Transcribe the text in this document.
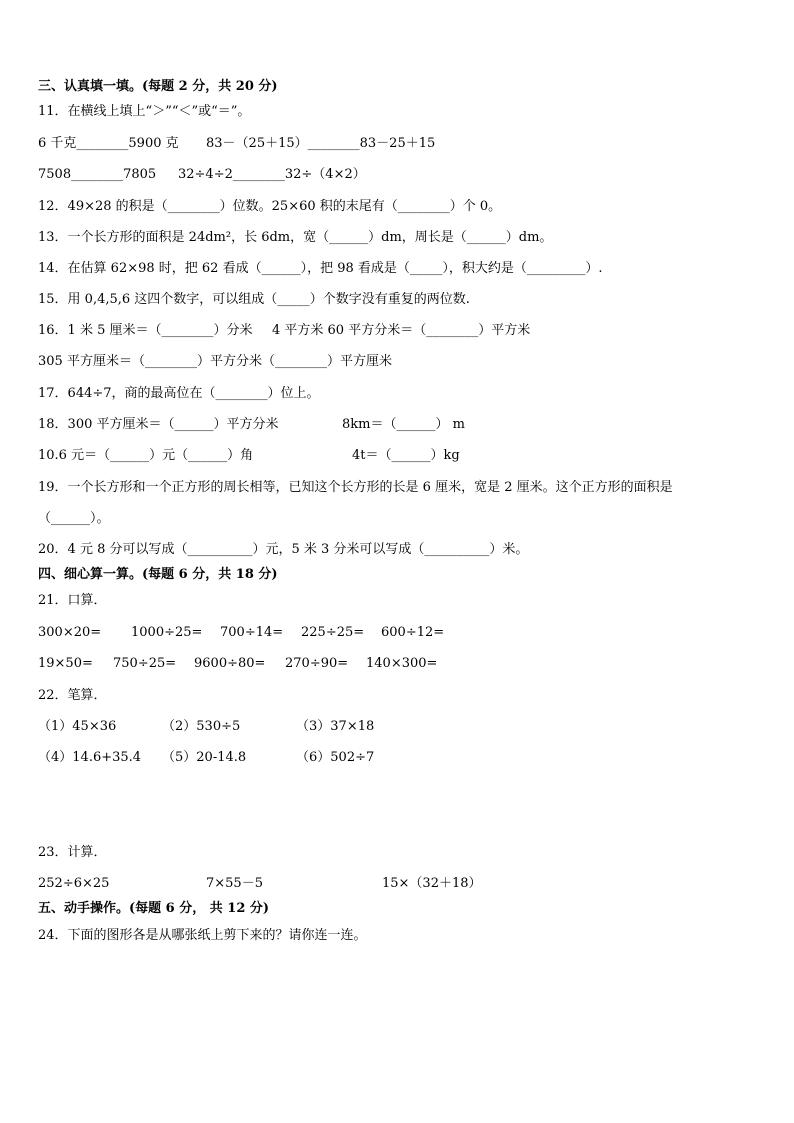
三、认真填一填。(每题 2 分，共 20 分)
11．在横线上填上“＞”“＜”或“＝”。
6 千克________5900 克 83－（25＋15）________83－25＋15
7508________7805 32÷4÷2________32÷（4×2）
12．49×28 的积是（________）位数。25×60 积的末尾有（________）个 0。
13．一个长方形的面积是 24dm²，长 6dm，宽（______）dm，周长是（______）dm。
14．在估算 62×98 时，把 62 看成（______），把 98 看成是（_____），积大约是（_________）.
15．用 0,4,5,6 这四个数字，可以组成（_____）个数字没有重复的两位数.
16．1 米 5 厘米＝（________）分米 4 平方米 60 平方分米＝（________）平方米
305 平方厘米＝（________）平方分米（________）平方厘米
17．644÷7，商的最高位在（________）位上。
18．300 平方厘米＝（______）平方分米	8km＝（______） m
10.6 元＝（______）元（______）角	4t＝（______）kg
19．一个长方形和一个正方形的周长相等，已知这个长方形的长是 6 厘米，宽是 2 厘米。这个正方形的面积是
（______）。
20．4 元 8 分可以写成（__________）元，5 米 3 分米可以写成（__________）米。
四、细心算一算。(每题 6 分，共 18 分)
21．口算．
300×20= 1000÷25= 700÷14= 225÷25= 600÷12=
19×50= 750÷25= 9600÷80= 270÷90= 140×300=
22．笔算．
（1）45×36	（2）530÷5	（3）37×18
（4）14.6+35.4 （5）20-14.8	（6）502÷7
23．计算．
252÷6×25	7×55－5	15×（32＋18）
五、动手操作。(每题 6 分， 共 12 分)
24．下面的图形各是从哪张纸上剪下来的？请你连一连。
